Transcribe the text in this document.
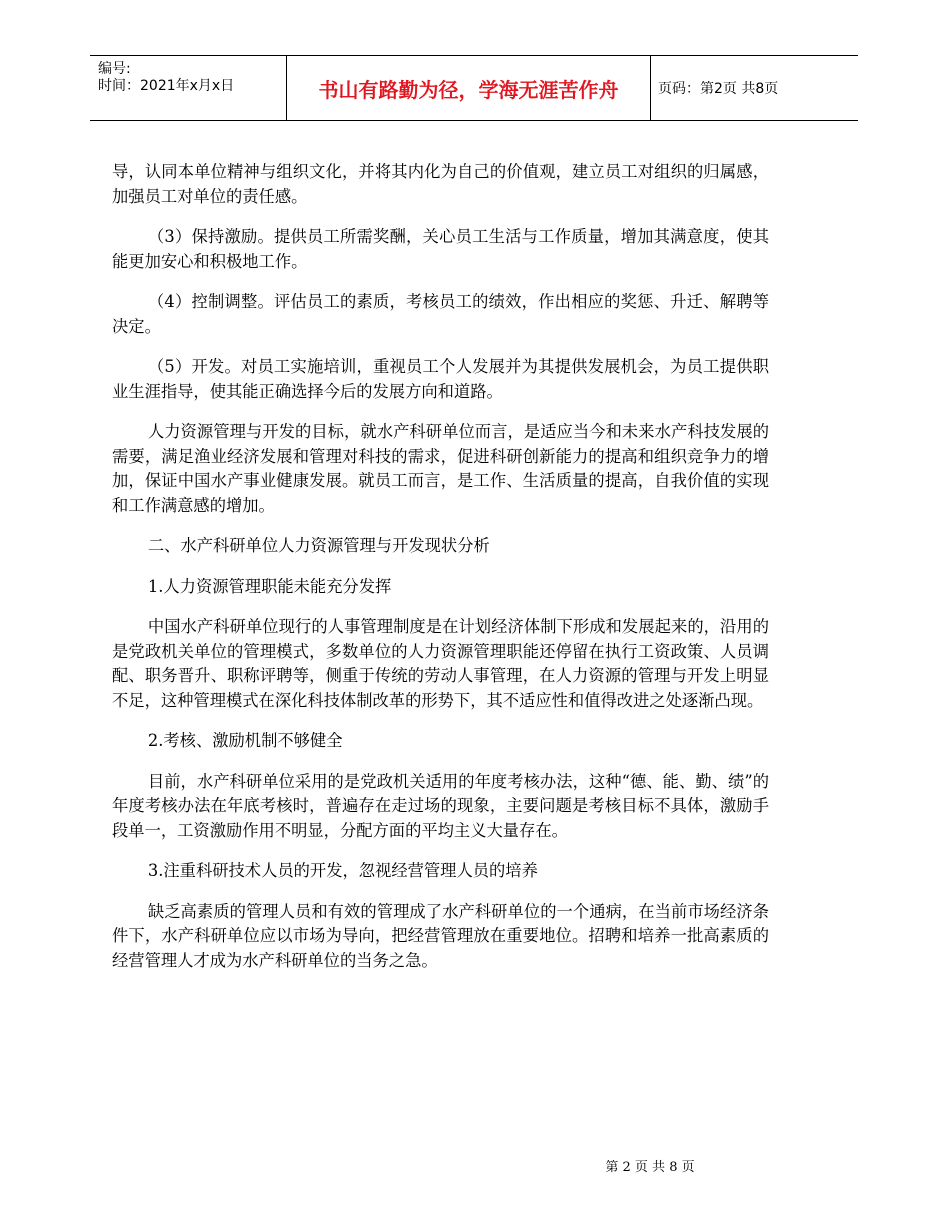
编号:
时间：2021年x月x日	书山有路勤为径，学海无涯苦作舟	页码：第2页 共8页

导，认同本单位精神与组织文化，并将其内化为自己的价值观，建立员工对组织的归属感，加强员工对单位的责任感。

（3）保持激励。提供员工所需奖酬，关心员工生活与工作质量，增加其满意度，使其能更加安心和积极地工作。

（4）控制调整。评估员工的素质，考核员工的绩效，作出相应的奖惩、升迁、解聘等决定。

（5）开发。对员工实施培训，重视员工个人发展并为其提供发展机会，为员工提供职业生涯指导，使其能正确选择今后的发展方向和道路。

人力资源管理与开发的目标，就水产科研单位而言，是适应当今和未来水产科技发展的需要，满足渔业经济发展和管理对科技的需求，促进科研创新能力的提高和组织竞争力的增加，保证中国水产事业健康发展。就员工而言，是工作、生活质量的提高，自我价值的实现和工作满意感的增加。

二、水产科研单位人力资源管理与开发现状分析

1.人力资源管理职能未能充分发挥

中国水产科研单位现行的人事管理制度是在计划经济体制下形成和发展起来的，沿用的是党政机关单位的管理模式，多数单位的人力资源管理职能还停留在执行工资政策、人员调配、职务晋升、职称评聘等，侧重于传统的劳动人事管理，在人力资源的管理与开发上明显不足，这种管理模式在深化科技体制改革的形势下，其不适应性和值得改进之处逐渐凸现。

2.考核、激励机制不够健全

目前，水产科研单位采用的是党政机关适用的年度考核办法，这种“德、能、勤、绩”的年度考核办法在年底考核时，普遍存在走过场的现象，主要问题是考核目标不具体，激励手段单一，工资激励作用不明显，分配方面的平均主义大量存在。

3.注重科研技术人员的开发，忽视经营管理人员的培养

缺乏高素质的管理人员和有效的管理成了水产科研单位的一个通病，在当前市场经济条件下，水产科研单位应以市场为导向，把经营管理放在重要地位。招聘和培养一批高素质的经营管理人才成为水产科研单位的当务之急。

第 2 页 共 8 页
